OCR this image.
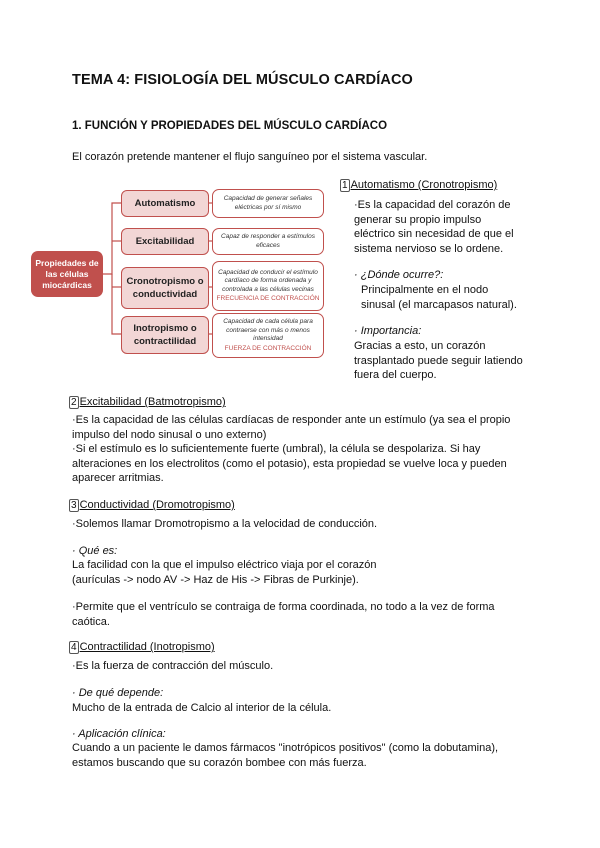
TEMA 4: FISIOLOGÍA DEL MÚSCULO CARDÍACO
1. FUNCIÓN Y PROPIEDADES DEL MÚSCULO CARDÍACO
El corazón pretende mantener el flujo sanguíneo por el sistema vascular.
Propiedades de las células miocárdicas
Automatismo
Excitabilidad
Cronotropismo o conductividad
Inotropismo o contractilidad
Capacidad de generar señales eléctricas por sí mismo
Capaz de responder a estímulos eficaces
Capacidad de conducir el estímulo cardíaco de forma ordenada y controlada a las células vecinas
FRECUENCIA DE CONTRACCIÓN
Capacidad de cada célula para contraerse con más o menos intensidad
FUERZA DE CONTRACCIÓN
1 Automatismo (Cronotropismo)
·Es la capacidad del corazón de
generar su propio impulso
eléctrico sin necesidad de que el
sistema nervioso se lo ordene.
· ¿Dónde ocurre?:
Principalmente en el nodo
sinusal (el marcapasos natural).
· Importancia:
Gracias a esto, un corazón
trasplantado puede seguir latiendo
fuera del cuerpo.
2 Excitabilidad (Batmotropismo)
·Es la capacidad de las células cardíacas de responder ante un estímulo (ya sea el propio
impulso del nodo sinusal o uno externo)
·Si el estímulo es lo suficientemente fuerte (umbral), la célula se despolariza. Si hay
alteraciones en los electrolitos (como el potasio), esta propiedad se vuelve loca y pueden
aparecer arritmias.
3 Conductividad (Dromotropismo)
·Solemos llamar Dromotropismo a la velocidad de conducción.
· Qué es:
La facilidad con la que el impulso eléctrico viaja por el corazón
(aurículas -> nodo AV -> Haz de His -> Fibras de Purkinje).
·Permite que el ventrículo se contraiga de forma coordinada, no todo a la vez de forma
caótica.
4 Contractilidad (Inotropismo)
·Es la fuerza de contracción del músculo.
· De qué depende:
Mucho de la entrada de Calcio al interior de la célula.
· Aplicación clínica:
Cuando a un paciente le damos fármacos "inotrópicos positivos" (como la dobutamina),
estamos buscando que su corazón bombee con más fuerza.
